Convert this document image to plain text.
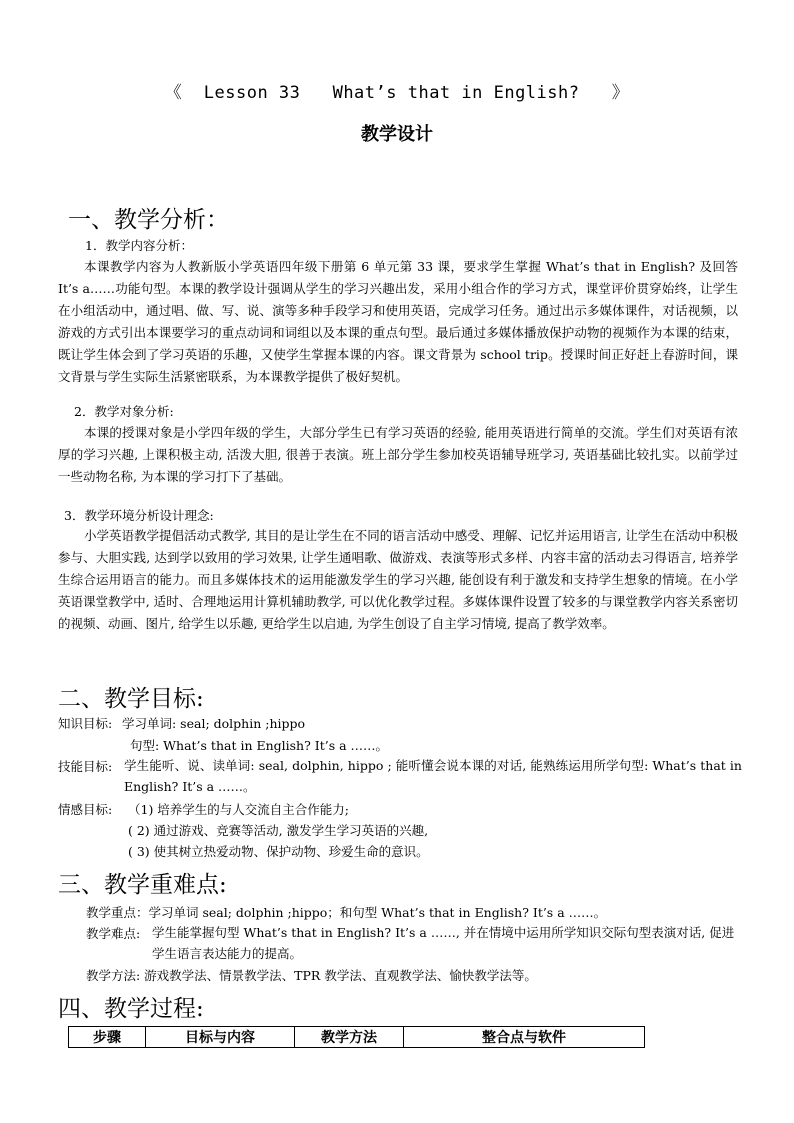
《  Lesson 33   What’s that in English?   》
教学设计
一、教学分析：
1．教学内容分析：
本课教学内容为人教新版小学英语四年级下册第 6 单元第 33 课，要求学生掌握 What’s that in English? 及回答 It’s a……功能句型。本课的教学设计强调从学生的学习兴趣出发，采用小组合作的学习方式，课堂评价贯穿始终，让学生在小组活动中，通过唱、做、写、说、演等多种手段学习和使用英语，完成学习任务。通过出示多媒体课件，对话视频，以游戏的方式引出本课要学习的重点动词和词组以及本课的重点句型。最后通过多媒体播放保护动物的视频作为本课的结束，既让学生体会到了学习英语的乐趣，又使学生掌握本课的内容。课文背景为 school trip。授课时间正好赶上春游时间，课文背景与学生实际生活紧密联系，为本课教学提供了极好契机。
2．教学对象分析:
本课的授课对象是小学四年级的学生，大部分学生已有学习英语的经验, 能用英语进行简单的交流。学生们对英语有浓厚的学习兴趣, 上课积极主动, 活泼大胆, 很善于表演。班上部分学生参加校英语辅导班学习, 英语基础比较扎实。以前学过一些动物名称, 为本课的学习打下了基础。
3．教学环境分析设计理念:
小学英语教学提倡活动式教学, 其目的是让学生在不同的语言活动中感受、理解、记忆并运用语言, 让学生在活动中积极参与、大胆实践, 达到学以致用的学习效果, 让学生通唱歌、做游戏、表演等形式多样、内容丰富的活动去习得语言, 培养学生综合运用语言的能力。而且多媒体技术的运用能激发学生的学习兴趣, 能创设有利于激发和支持学生想象的情境。在小学英语课堂教学中, 适时、合理地运用计算机辅助教学, 可以优化教学过程。多媒体课件设置了较多的与课堂教学内容关系密切的视频、动画、图片, 给学生以乐趣, 更给学生以启迪, 为学生创设了自主学习情境, 提高了教学效率。
二、教学目标:
知识目标: 学习单词: seal; dolphin ;hippo
句型: What’s that in English? It’s a ……。
技能目标: 学生能听、说、读单词: seal, dolphin, hippo ; 能听懂会说本课的对话, 能熟练运用所学句型: What’s that in English? It’s a ……。
情感目标: （1) 培养学生的与人交流自主合作能力;
( 2) 通过游戏、竞赛等活动, 激发学生学习英语的兴趣,
( 3) 使其树立热爱动物、保护动物、珍爱生命的意识。
三、教学重难点:
教学重点：学习单词 seal; dolphin ;hippo；和句型 What’s that in English? It’s a ……。
教学难点: 学生能掌握句型 What’s that in English? It’s a ……, 并在情境中运用所学知识交际句型表演对话, 促进学生语言表达能力的提高。
教学方法: 游戏教学法、情景教学法、TPR 教学法、直观教学法、愉快教学法等。
四、教学过程:
步骤	目标与内容	教学方法	整合点与软件
